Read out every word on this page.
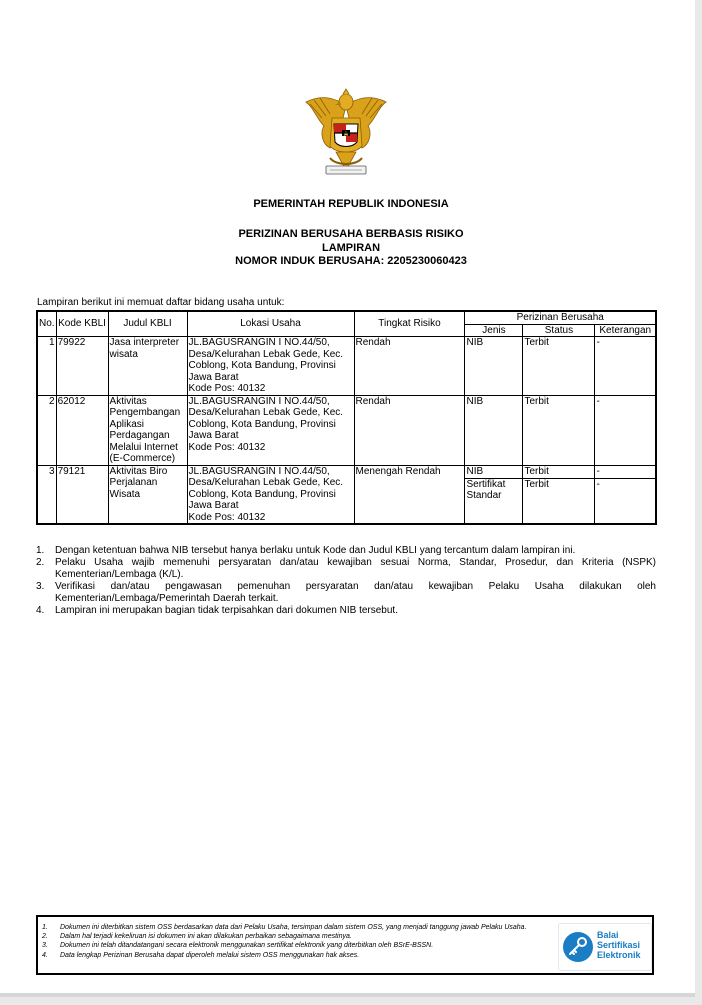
PEMERINTAH REPUBLIK INDONESIA
PERIZINAN BERUSAHA BERBASIS RISIKO
LAMPIRAN
NOMOR INDUK BERUSAHA: 2205230060423
Lampiran berikut ini memuat daftar bidang usaha untuk:
No.	Kode KBLI	Judul KBLI	Lokasi Usaha	Tingkat Risiko	Perizinan Berusaha		
					Jenis	Status	Keterangan
1	79922	Jasa interpreter wisata	JL.BAGUSRANGIN I NO.44/50,
Desa/Kelurahan Lebak Gede, Kec.
Coblong, Kota Bandung, Provinsi
Jawa Barat
Kode Pos: 40132	Rendah	NIB	Terbit	-
2	62012	Aktivitas Pengembangan Aplikasi Perdagangan Melalui Internet (E-Commerce)	JL.BAGUSRANGIN I NO.44/50,
Desa/Kelurahan Lebak Gede, Kec.
Coblong, Kota Bandung, Provinsi
Jawa Barat
Kode Pos: 40132	Rendah	NIB	Terbit	-
3	79121	Aktivitas Biro Perjalanan Wisata	JL.BAGUSRANGIN I NO.44/50,
Desa/Kelurahan Lebak Gede, Kec.
Coblong, Kota Bandung, Provinsi
Jawa Barat
Kode Pos: 40132	Menengah Rendah	NIB	Terbit	-
					Sertifikat Standar	Terbit	-
1.	Dengan ketentuan bahwa NIB tersebut hanya berlaku untuk Kode dan Judul KBLI yang tercantum dalam lampiran ini.
2.	Pelaku Usaha wajib memenuhi persyaratan dan/atau kewajiban sesuai Norma, Standar, Prosedur, dan Kriteria (NSPK) Kementerian/Lembaga (K/L).
3.	Verifikasi dan/atau pengawasan pemenuhan persyaratan dan/atau kewajiban Pelaku Usaha dilakukan oleh Kementerian/Lembaga/Pemerintah Daerah terkait.
4.	Lampiran ini merupakan bagian tidak terpisahkan dari dokumen NIB tersebut.
1.	Dokumen ini diterbitkan sistem OSS berdasarkan data dari Pelaku Usaha, tersimpan dalam sistem OSS, yang menjadi tanggung jawab Pelaku Usaha.
2.	Dalam hal terjadi kekeliruan isi dokumen ini akan dilakukan perbaikan sebagaimana mestinya.
3.	Dokumen ini telah ditandatangani secara elektronik menggunakan sertifikat elektronik yang diterbitkan oleh BSrE-BSSN.
4.	Data lengkap Perizinan Berusaha dapat diperoleh melalui sistem OSS menggunakan hak akses.
Balai
Sertifikasi
Elektronik
